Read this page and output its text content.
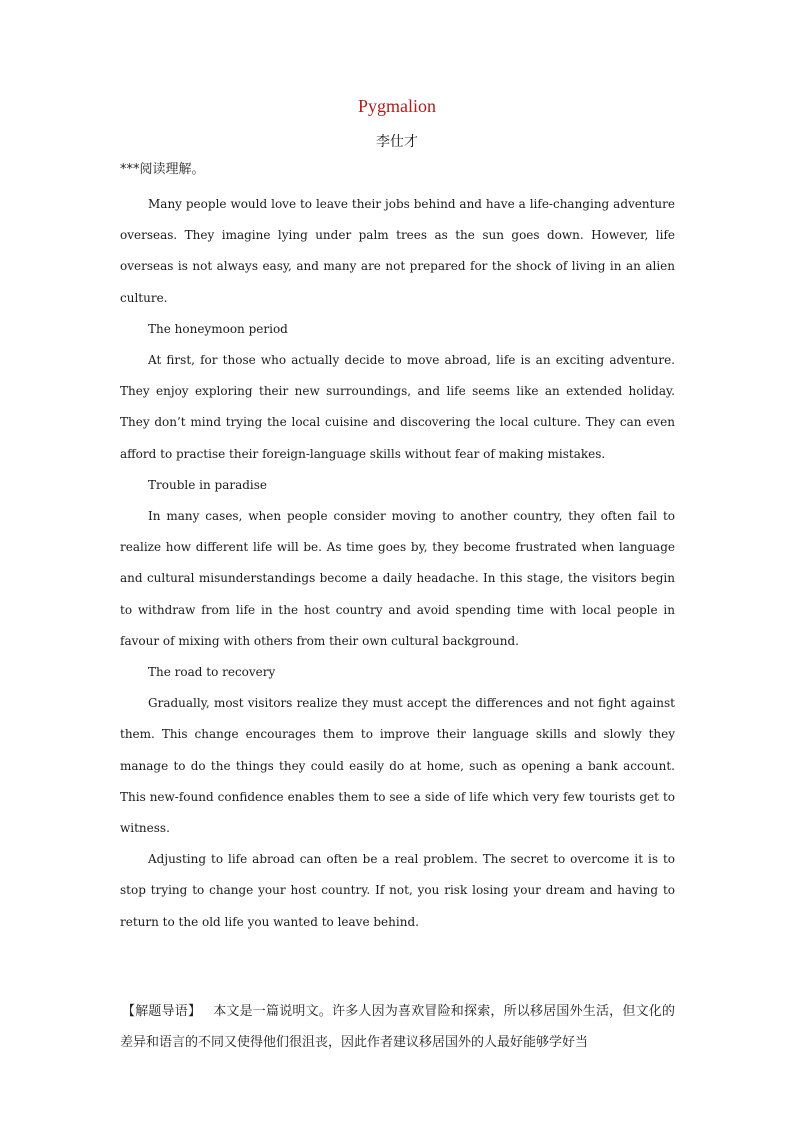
Pygmalion
李仕才
***阅读理解。

Many people would love to leave their jobs behind and have a life-changing adventure overseas. They imagine lying under palm trees as the sun goes down. However, life overseas is not always easy, and many are not prepared for the shock of living in an alien culture.

The honeymoon period

At first, for those who actually decide to move abroad, life is an exciting adventure. They enjoy exploring their new surroundings, and life seems like an extended holiday. They don’t mind trying the local cuisine and discovering the local culture. They can even afford to practise their foreign-language skills without fear of making mistakes.

Trouble in paradise

In many cases, when people consider moving to another country, they often fail to realize how different life will be. As time goes by, they become frustrated when language and cultural misunderstandings become a daily headache. In this stage, the visitors begin to withdraw from life in the host country and avoid spending time with local people in favour of mixing with others from their own cultural background.

The road to recovery

Gradually, most visitors realize they must accept the differences and not fight against them. This change encourages them to improve their language skills and slowly they manage to do the things they could easily do at home, such as opening a bank account. This new-found confidence enables them to see a side of life which very few tourists get to witness.

Adjusting to life abroad can often be a real problem. The secret to overcome it is to stop trying to change your host country. If not, you risk losing your dream and having to return to the old life you wanted to leave behind.

【解题导语】 本文是一篇说明文。许多人因为喜欢冒险和探索，所以移居国外生活，但文化的差异和语言的不同又使得他们很沮丧，因此作者建议移居国外的人最好能够学好当
